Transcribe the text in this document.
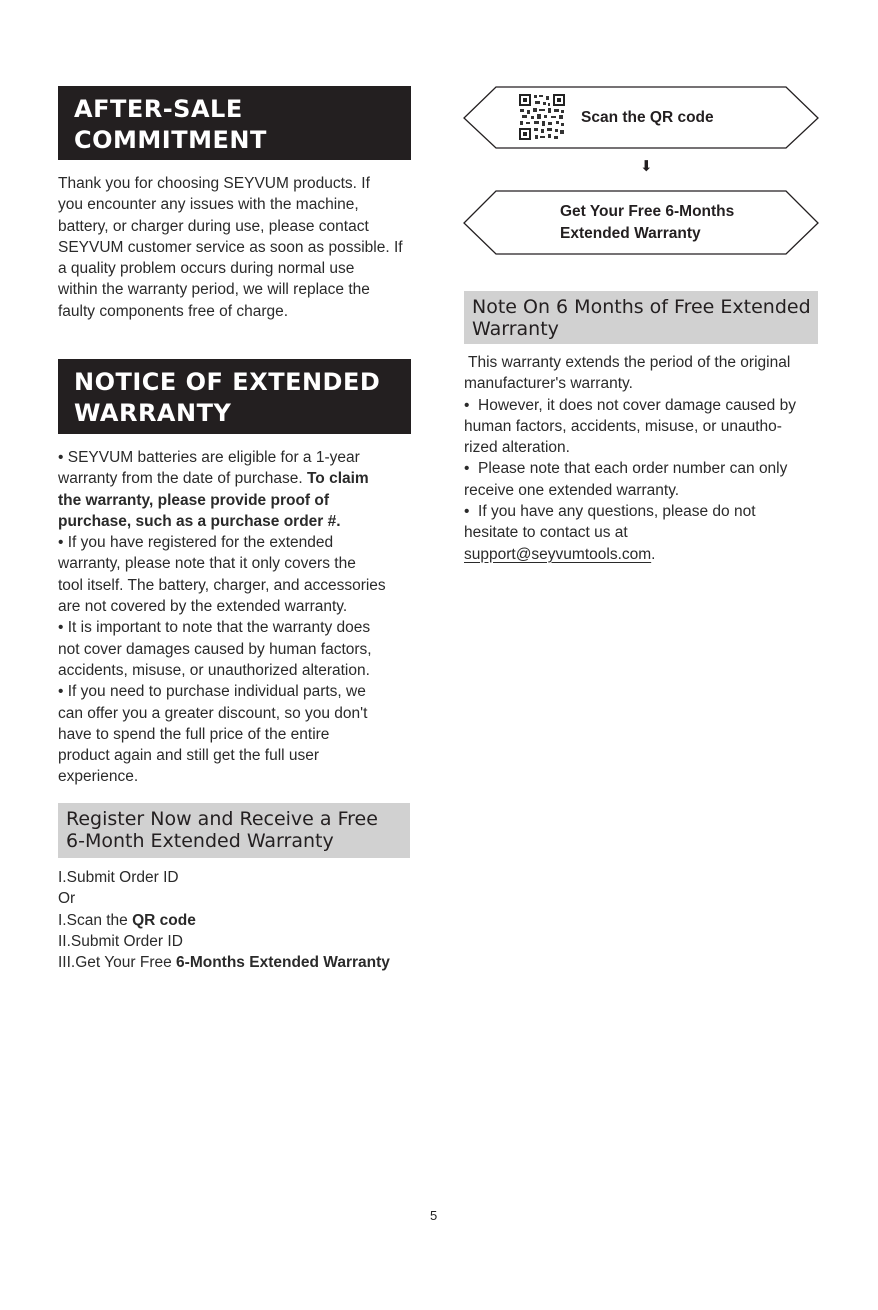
AFTER-SALE
COMMITMENT
Thank you for choosing SEYVUM products. If
you encounter any issues with the machine,
battery, or charger during use, please contact
SEYVUM customer service as soon as possible. If
a quality problem occurs during normal use
within the warranty period, we will replace the
faulty components free of charge.
NOTICE OF EXTENDED
WARRANTY
• SEYVUM batteries are eligible for a 1-year
warranty from the date of purchase. To claim
the warranty, please provide proof of
purchase, such as a purchase order #.
• If you have registered for the extended
warranty, please note that it only covers the
tool itself. The battery, charger, and accessories
are not covered by the extended warranty.
• It is important to note that the warranty does
not cover damages caused by human factors,
accidents, misuse, or unauthorized alteration.
• If you need to purchase individual parts, we
can offer you a greater discount, so you don't
have to spend the full price of the entire
product again and still get the full user
experience.
Register Now and Receive a Free
6-Month Extended Warranty
I.Submit Order ID
Or
I.Scan the QR code
II.Submit Order ID
III.Get Your Free 6-Months Extended Warranty
Scan the QR code
⬇
Get Your Free 6-Months
Extended Warranty
Note On 6 Months of Free Extended
Warranty
This warranty extends the period of the original
manufacturer's warranty.
•  However, it does not cover damage caused by
human factors, accidents, misuse, or unautho-
rized alteration.
•  Please note that each order number can only
receive one extended warranty.
•  If you have any questions, please do not
hesitate to contact us at
support@seyvumtools.com.
5
